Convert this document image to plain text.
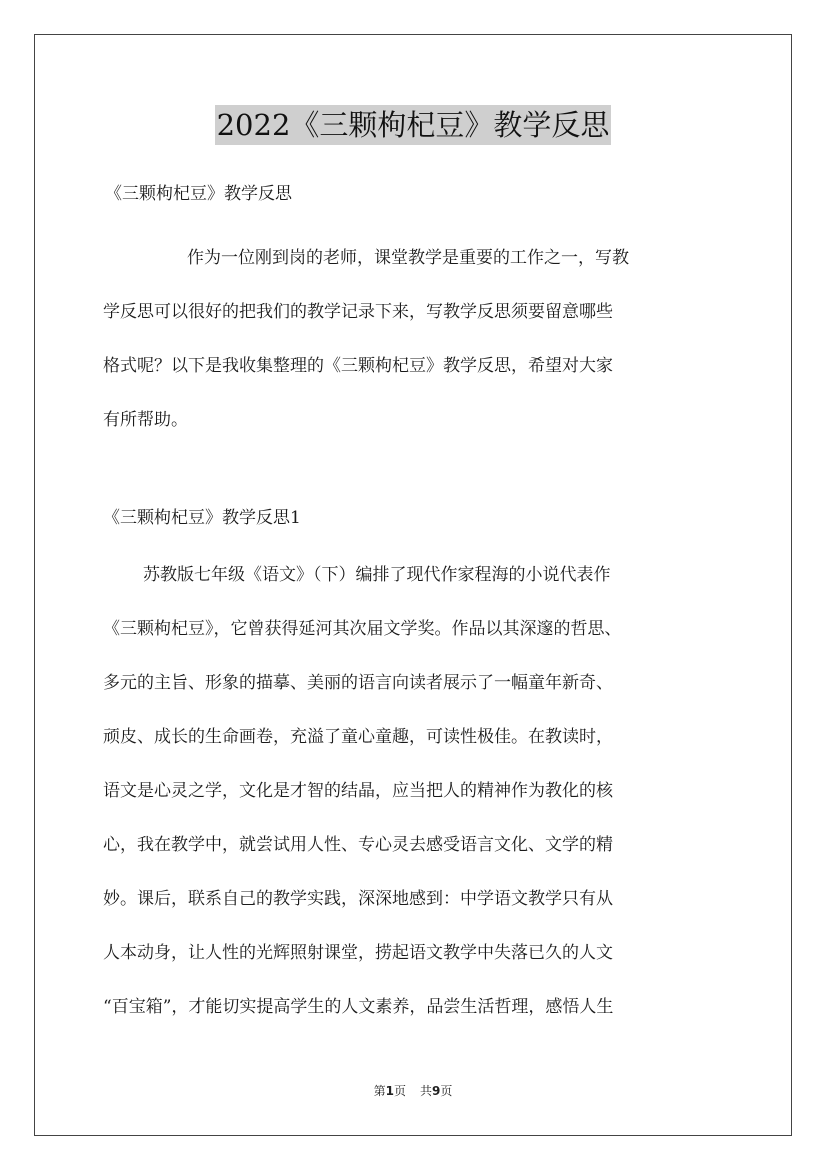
2022《三颗枸杞豆》教学反思
《三颗枸杞豆》教学反思
作为一位刚到岗的老师，课堂教学是重要的工作之一，写教
学反思可以很好的把我们的教学记录下来，写教学反思须要留意哪些
格式呢？以下是我收集整理的《三颗枸杞豆》教学反思，希望对大家
有所帮助。
《三颗枸杞豆》教学反思1
苏教版七年级《语文》（下）编排了现代作家程海的小说代表作
《三颗枸杞豆》，它曾获得延河其次届文学奖。作品以其深邃的哲思、
多元的主旨、形象的描摹、美丽的语言向读者展示了一幅童年新奇、
顽皮、成长的生命画卷，充溢了童心童趣，可读性极佳。在教读时，
语文是心灵之学，文化是才智的结晶，应当把人的精神作为教化的核
心，我在教学中，就尝试用人性、专心灵去感受语言文化、文学的精
妙。课后，联系自己的教学实践，深深地感到：中学语文教学只有从
人本动身，让人性的光辉照射课堂，捞起语文教学中失落已久的人文
“百宝箱”，才能切实提高学生的人文素养，品尝生活哲理，感悟人生
第1页 共9页
